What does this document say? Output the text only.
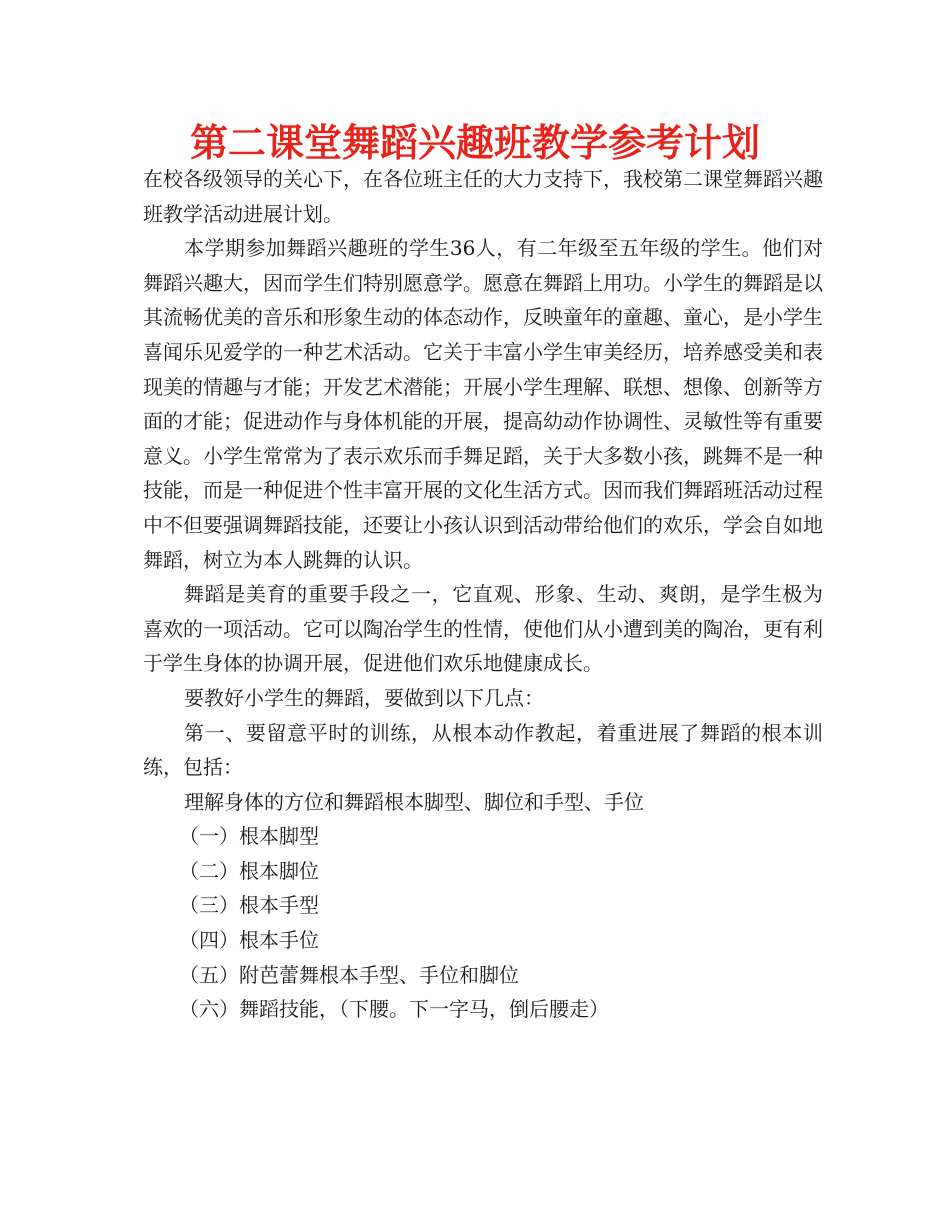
第二课堂舞蹈兴趣班教学参考计划

在校各级领导的关心下，在各位班主任的大力支持下，我校第二课堂舞蹈兴趣班教学活动进展计划。

本学期参加舞蹈兴趣班的学生36人，有二年级至五年级的学生。他们对舞蹈兴趣大，因而学生们特别愿意学。愿意在舞蹈上用功。小学生的舞蹈是以其流畅优美的音乐和形象生动的体态动作，反映童年的童趣、童心，是小学生喜闻乐见爱学的一种艺术活动。它关于丰富小学生审美经历，培养感受美和表现美的情趣与才能；开发艺术潜能；开展小学生理解、联想、想像、创新等方面的才能；促进动作与身体机能的开展，提高幼动作协调性、灵敏性等有重要意义。小学生常常为了表示欢乐而手舞足蹈，关于大多数小孩，跳舞不是一种技能，而是一种促进个性丰富开展的文化生活方式。因而我们舞蹈班活动过程中不但要强调舞蹈技能，还要让小孩认识到活动带给他们的欢乐，学会自如地舞蹈，树立为本人跳舞的认识。

舞蹈是美育的重要手段之一，它直观、形象、生动、爽朗，是学生极为喜欢的一项活动。它可以陶冶学生的性情，使他们从小遭到美的陶冶，更有利于学生身体的协调开展，促进他们欢乐地健康成长。

要教好小学生的舞蹈，要做到以下几点：

第一、要留意平时的训练，从根本动作教起，着重进展了舞蹈的根本训练，包括：

理解身体的方位和舞蹈根本脚型、脚位和手型、手位

（一）根本脚型

（二）根本脚位

（三）根本手型

（四）根本手位

（五）附芭蕾舞根本手型、手位和脚位

（六）舞蹈技能，（下腰。下一字马，倒后腰走）
